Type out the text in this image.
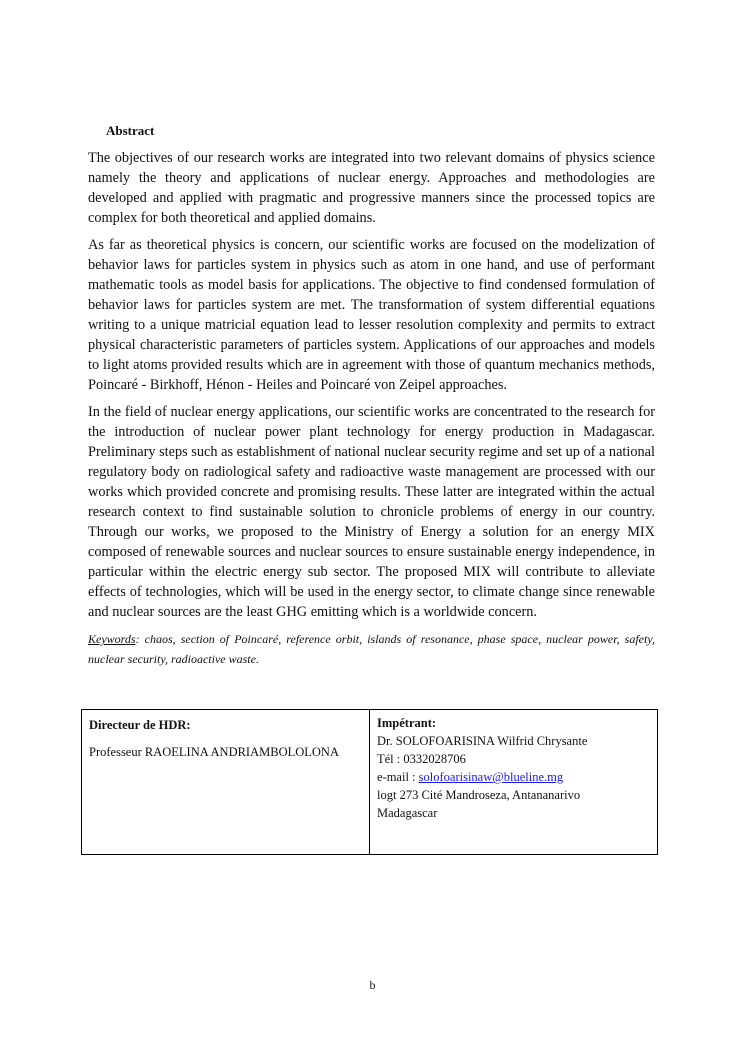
Abstract

The objectives of our research works are integrated into two relevant domains of physics science namely the theory and applications of nuclear energy. Approaches and methodologies are developed and applied with pragmatic and progressive manners since the processed topics are complex for both theoretical and applied domains.

As far as theoretical physics is concern, our scientific works are focused on the modelization of behavior laws for particles system in physics such as atom in one hand, and use of performant mathematic tools as model basis for applications. The objective to find condensed formulation of behavior laws for particles system are met. The transformation of system differential equations writing to a unique matricial equation lead to lesser resolution complexity and permits to extract physical characteristic parameters of particles system. Applications of our approaches and models to light atoms provided results which are in agreement with those of quantum mechanics methods, Poincaré - Birkhoff, Hénon - Heiles and Poincaré von Zeipel approaches.

In the field of nuclear energy applications, our scientific works are concentrated to the research for the introduction of nuclear power plant technology for energy production in Madagascar. Preliminary steps such as establishment of national nuclear security regime and set up of a national regulatory body on radiological safety and radioactive waste management are processed with our works which provided concrete and promising results. These latter are integrated within the actual research context to find sustainable solution to chronicle problems of energy in our country. Through our works, we proposed to the Ministry of Energy a solution for an energy MIX composed of renewable sources and nuclear sources to ensure sustainable energy independence, in particular within the electric energy sub sector. The proposed MIX will contribute to alleviate effects of technologies, which will be used in the energy sector, to climate change since renewable and nuclear sources are the least GHG emitting which is a worldwide concern.

Keywords: chaos, section of Poincaré, reference orbit, islands of resonance, phase space, nuclear power, safety, nuclear security, radioactive waste.
Directeur de HDR:
Professeur RAOELINA ANDRIAMBOLOLONA

Impétrant:
Dr. SOLOFOARISINA Wilfrid Chrysante
Tél : 0332028706
e-mail : solofoarisinaw@blueline.mg
logt 273 Cité Mandroseza, Antananarivo
Madagascar
b
